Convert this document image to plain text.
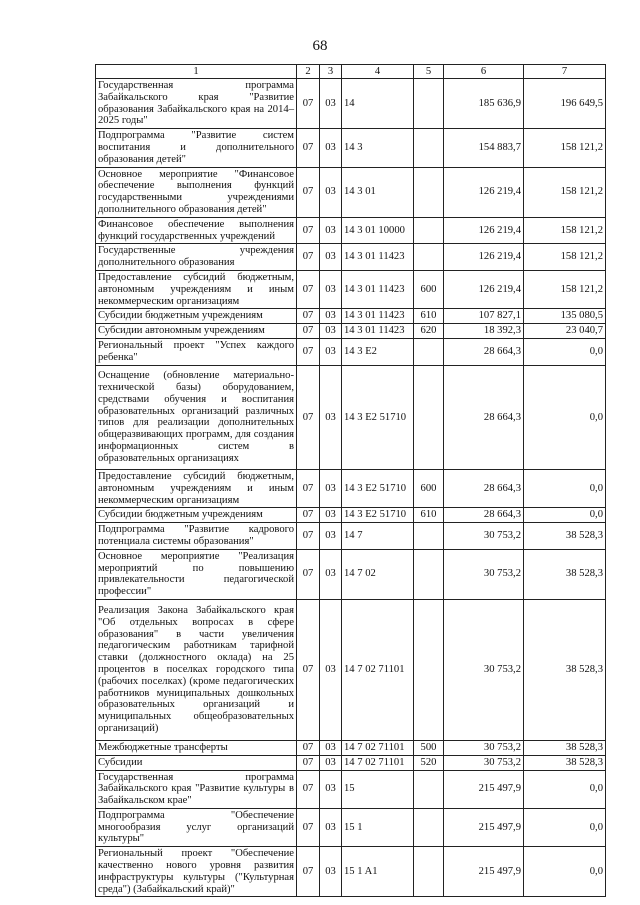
68
1	2	3	4	5	6	7
Государственная программа Забайкальского края "Развитие образования Забайкальского края на 2014–2025 годы"	07	03	14		185 636,9	196 649,5
Подпрограмма "Развитие систем воспитания и дополнительного образования детей"	07	03	14 3		154 883,7	158 121,2
Основное мероприятие "Финансовое обеспечение выполнения функций государственными учреждениями дополнительного образования детей"	07	03	14 3 01		126 219,4	158 121,2
Финансовое обеспечение выполнения функций государственных учреждений	07	03	14 3 01 10000		126 219,4	158 121,2
Государственные учреждения дополнительного образования	07	03	14 3 01 11423		126 219,4	158 121,2
Предоставление субсидий бюджетным, автономным учреждениям и иным некоммерческим организациям	07	03	14 3 01 11423	600	126 219,4	158 121,2
Субсидии бюджетным учреждениям	07	03	14 3 01 11423	610	107 827,1	135 080,5
Субсидии автономным учреждениям	07	03	14 3 01 11423	620	18 392,3	23 040,7
Региональный проект "Успех каждого ребенка"	07	03	14 3 E2		28 664,3	0,0
Оснащение (обновление материально-технической базы) оборудованием, средствами обучения и воспитания образовательных организаций различных типов для реализации дополнительных общеразвивающих программ, для создания информационных систем в образовательных организациях	07	03	14 3 E2 51710		28 664,3	0,0
Предоставление субсидий бюджетным, автономным учреждениям и иным некоммерческим организациям	07	03	14 3 E2 51710	600	28 664,3	0,0
Субсидии бюджетным учреждениям	07	03	14 3 E2 51710	610	28 664,3	0,0
Подпрограмма "Развитие кадрового потенциала системы образования"	07	03	14 7		30 753,2	38 528,3
Основное мероприятие "Реализация мероприятий по повышению привлекательности педагогической профессии"	07	03	14 7 02		30 753,2	38 528,3
Реализация Закона Забайкальского края "Об отдельных вопросах в сфере образования" в части увеличения педагогическим работникам тарифной ставки (должностного оклада) на 25 процентов в поселках городского типа (рабочих поселках) (кроме педагогических работников муниципальных дошкольных образовательных организаций и муниципальных общеобразовательных организаций)	07	03	14 7 02 71101		30 753,2	38 528,3
Межбюджетные трансферты	07	03	14 7 02 71101	500	30 753,2	38 528,3
Субсидии	07	03	14 7 02 71101	520	30 753,2	38 528,3
Государственная программа Забайкальского края "Развитие культуры в Забайкальском крае"	07	03	15		215 497,9	0,0
Подпрограмма "Обеспечение многообразия услуг организаций культуры"	07	03	15 1		215 497,9	0,0
Региональный проект "Обеспечение качественно нового уровня развития инфраструктуры культуры ("Культурная среда") (Забайкальский край)"	07	03	15 1 A1		215 497,9	0,0
